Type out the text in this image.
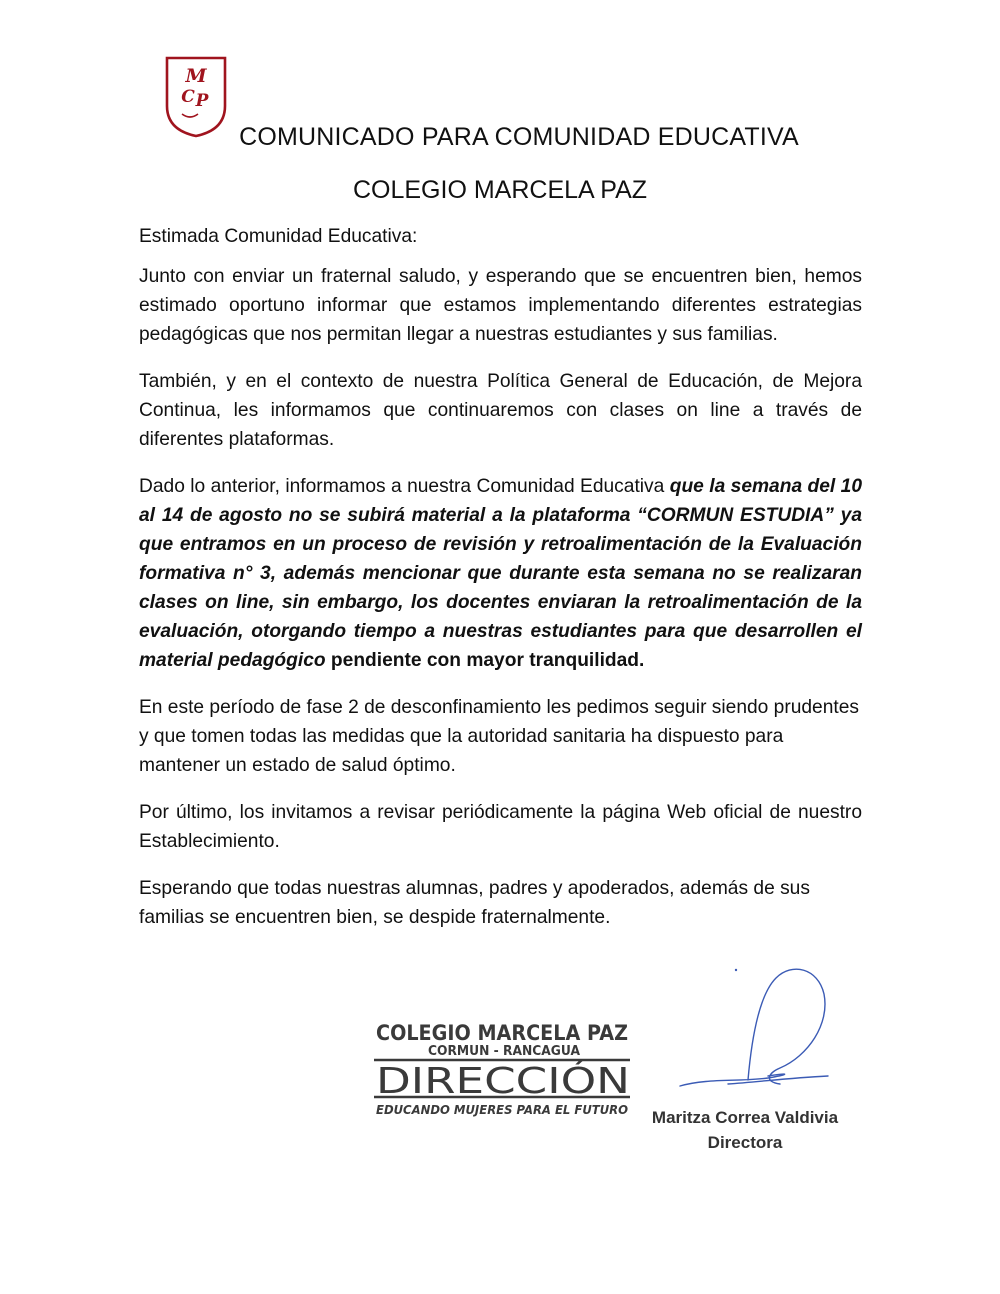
M
C P
COMUNICADO PARA COMUNIDAD EDUCATIVA
COLEGIO MARCELA PAZ

Estimada Comunidad Educativa:

Junto con enviar un fraternal saludo, y esperando que se encuentren bien, hemos estimado oportuno informar que estamos implementando diferentes estrategias pedagógicas que nos permitan llegar a nuestras estudiantes y sus familias.

También, y en el contexto de nuestra Política General de Educación, de Mejora Continua, les informamos que continuaremos con clases on line a través de diferentes plataformas.

Dado lo anterior, informamos a nuestra Comunidad Educativa que la semana del 10 al 14 de agosto no se subirá material a la plataforma “CORMUN ESTUDIA” ya que entramos en un proceso de revisión y retroalimentación de la Evaluación formativa n° 3, además mencionar que durante esta semana no se realizaran clases on line, sin embargo, los docentes enviaran la retroalimentación de la evaluación, otorgando tiempo a nuestras estudiantes para que desarrollen el material pedagógico pendiente con mayor tranquilidad.

En este período de fase 2 de desconfinamiento les pedimos seguir siendo prudentes y que tomen todas las medidas que la autoridad sanitaria ha dispuesto para mantener un estado de salud óptimo.

Por último, los invitamos a revisar periódicamente la página Web oficial de nuestro Establecimiento.

Esperando que todas nuestras alumnas, padres y apoderados, además de sus familias se encuentren bien, se despide fraternalmente.

COLEGIO MARCELA PAZ
CORMUN - RANCAGUA
DIRECCIÓN
EDUCANDO MUJERES PARA EL FUTURO	Maritza Correa Valdivia
Directora
